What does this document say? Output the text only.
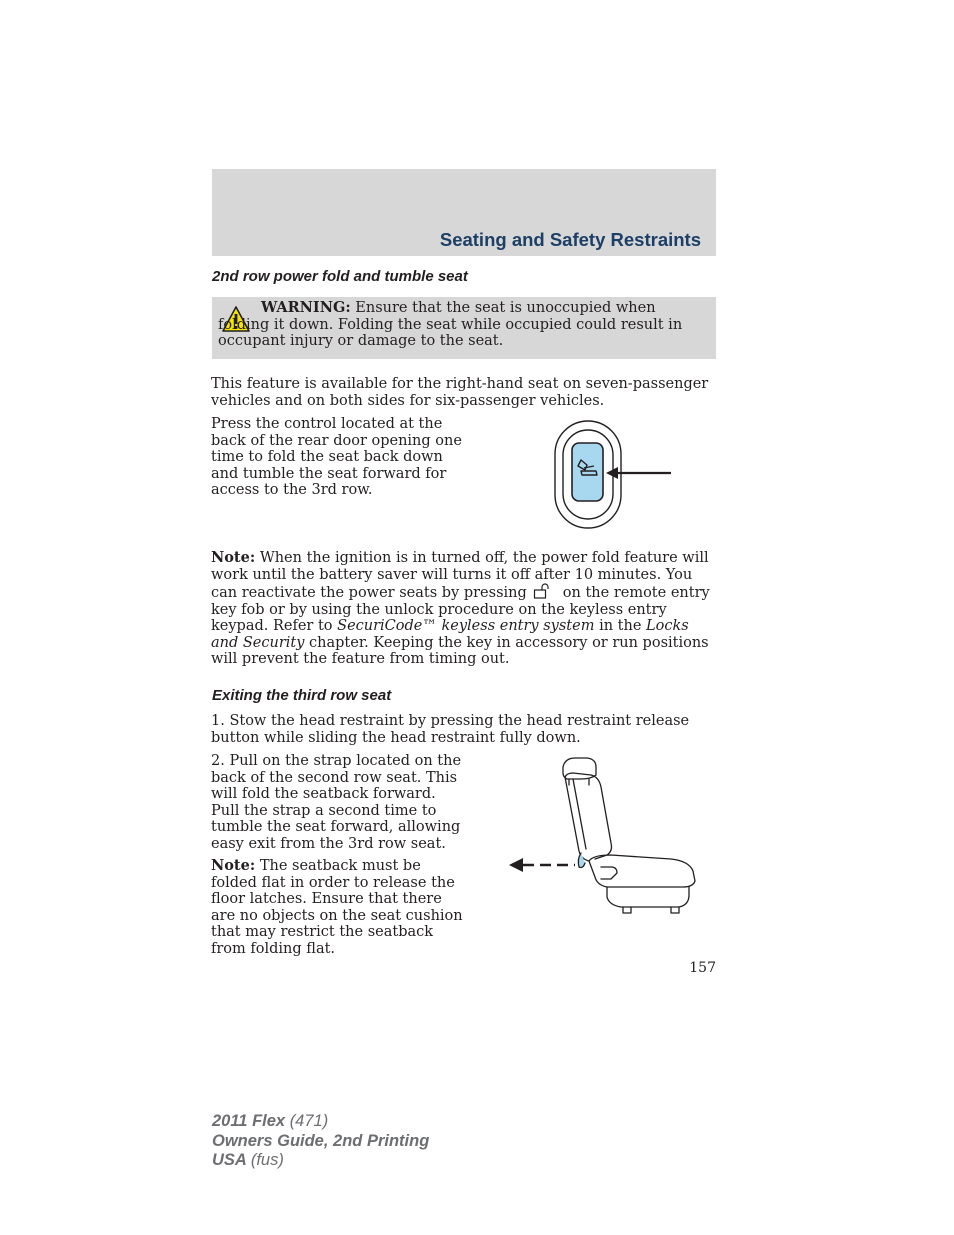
Seating and Safety Restraints
2nd row power fold and tumble seat
WARNING: Ensure that the seat is unoccupied when folding it down. Folding the seat while occupied could result in occupant injury or damage to the seat.
This feature is available for the right-hand seat on seven-passenger vehicles and on both sides for six-passenger vehicles.
Press the control located at the back of the rear door opening one time to fold the seat back down and tumble the seat forward for access to the 3rd row.
Note: When the ignition is in turned off, the power fold feature will work until the battery saver will turns it off after 10 minutes. You can reactivate the power seats by pressing on the remote entry key fob or by using the unlock procedure on the keyless entry keypad. Refer to SecuriCode™ keyless entry system in the Locks and Security chapter. Keeping the key in accessory or run positions will prevent the feature from timing out.
Exiting the third row seat
1. Stow the head restraint by pressing the head restraint release button while sliding the head restraint fully down.
2. Pull on the strap located on the back of the second row seat. This will fold the seatback forward. Pull the strap a second time to tumble the seat forward, allowing easy exit from the 3rd row seat.
Note: The seatback must be folded flat in order to release the floor latches. Ensure that there are no objects on the seat cushion that may restrict the seatback from folding flat.
157
2011 Flex (471)
Owners Guide, 2nd Printing
USA (fus)
